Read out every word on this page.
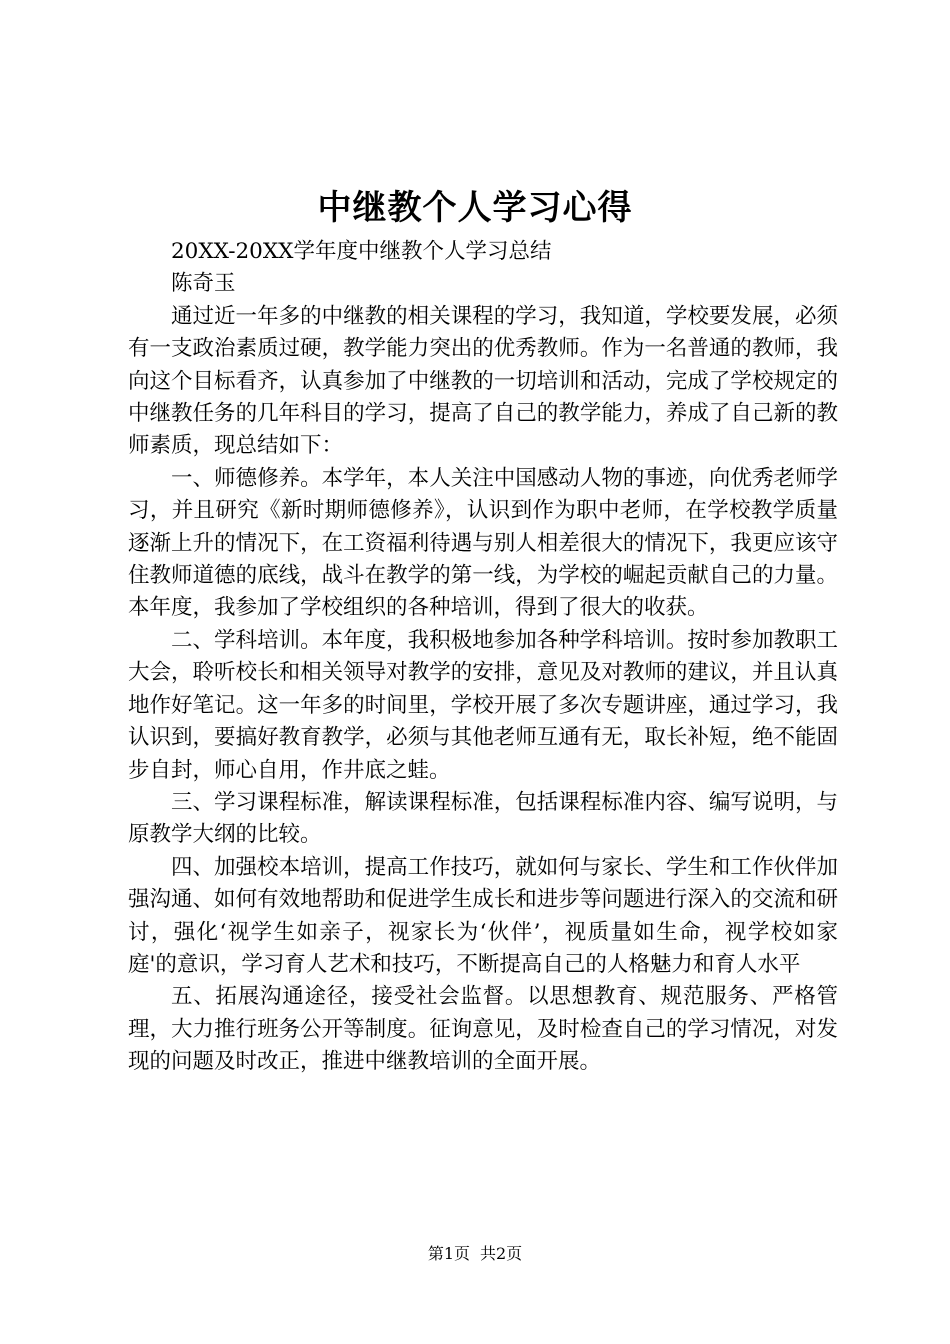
中继教个人学习心得

20XX-20XX学年度中继教个人学习总结

陈奇玉

通过近一年多的中继教的相关课程的学习，我知道，学校要发展，必须有一支政治素质过硬，教学能力突出的优秀教师。作为一名普通的教师，我向这个目标看齐，认真参加了中继教的一切培训和活动，完成了学校规定的中继教任务的几年科目的学习，提高了自己的教学能力，养成了自己新的教师素质，现总结如下：

一、师德修养。本学年，本人关注中国感动人物的事迹，向优秀老师学习，并且研究《新时期师德修养》，认识到作为职中老师，在学校教学质量逐渐上升的情况下，在工资福利待遇与别人相差很大的情况下，我更应该守住教师道德的底线，战斗在教学的第一线，为学校的崛起贡献自己的力量。本年度，我参加了学校组织的各种培训，得到了很大的收获。

二、学科培训。本年度，我积极地参加各种学科培训。按时参加教职工大会，聆听校长和相关领导对教学的安排，意见及对教师的建议，并且认真地作好笔记。这一年多的时间里，学校开展了多次专题讲座，通过学习，我认识到，要搞好教育教学，必须与其他老师互通有无，取长补短，绝不能固步自封，师心自用，作井底之蛙。

三、学习课程标准，解读课程标准，包括课程标准内容、编写说明，与原教学大纲的比较。

四、加强校本培训，提高工作技巧，就如何与家长、学生和工作伙伴加强沟通、如何有效地帮助和促进学生成长和进步等问题进行深入的交流和研讨，强化‘视学生如亲子，视家长为‘伙伴’，视质量如生命，视学校如家庭'的意识，学习育人艺术和技巧，不断提高自己的人格魅力和育人水平

五、拓展沟通途径，接受社会监督。以思想教育、规范服务、严格管理，大力推行班务公开等制度。征询意见，及时检查自己的学习情况，对发现的问题及时改正，推进中继教培训的全面开展。

第1页 共2页
